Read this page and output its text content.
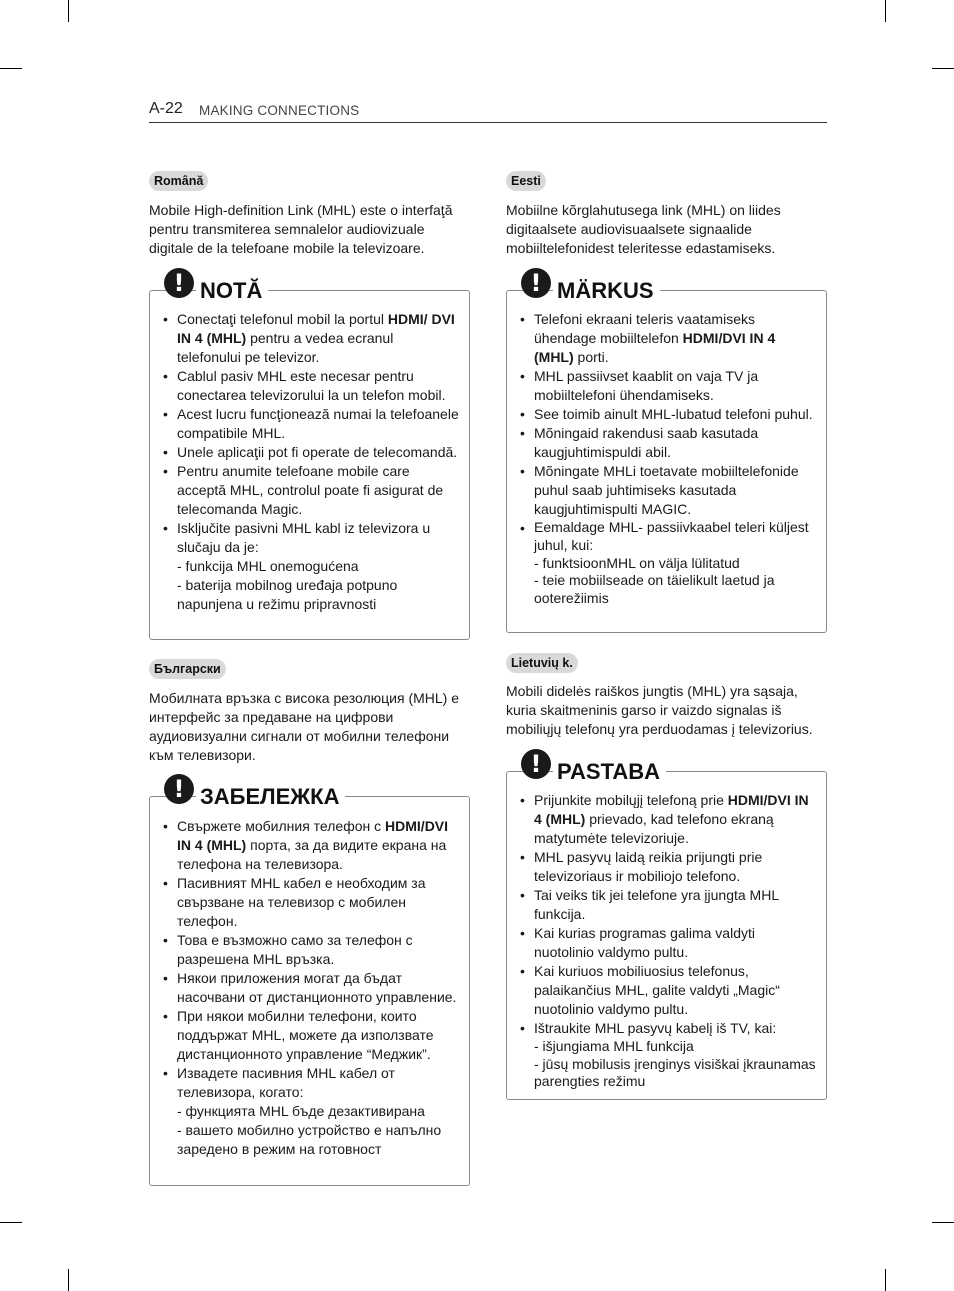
A-22 MAKING CONNECTIONS
Română

Mobile High-definition Link (MHL) este o interfaţă pentru transmiterea semnalelor audiovizuale digitale de la telefoane mobile la televizoare.

! NOTĂ
• Conectaţi telefonul mobil la portul HDMI/ DVI IN 4 (MHL) pentru a vedea ecranul telefonului pe televizor.
• Cablul pasiv MHL este necesar pentru conectarea televizorului la un telefon mobil.
• Acest lucru funcţionează numai la telefoanele compatibile MHL.
• Unele aplicaţii pot fi operate de telecomandă.
• Pentru anumite telefoane mobile care acceptă MHL, controlul poate fi asigurat de telecomanda Magic.
• Isključite pasivni MHL kabl iz televizora u slučaju da je:
- funkcija MHL onemogućena
- baterija mobilnog uređaja potpuno napunjena u režimu pripravnosti
Български

Мобилната връзка с висока резолюция (MHL) е интерфейс за предаване на цифрови аудиовизуални сигнали от мобилни телефони към телевизори.

! ЗАБЕЛЕЖКА
• Свържете мобилния телефон с HDMI/DVI IN 4 (MHL) порта, за да видите екрана на телефона на телевизора.
• Пасивният MHL кабел е необходим за свързване на телевизор с мобилен телефон.
• Това е възможно само за телефон с разрешена MHL връзка.
• Някои приложения могат да бъдат насочвани от дистанционното управление.
• При някои мобилни телефони, които поддържат MHL, можете да използвате дистанционното управление “Меджик”.
• Извадете пасивния MHL кабел от телевизора, когато:
- функцията MHL бъде дезактивирана
- вашето мобилно устройство е напълно заредено в режим на готовност
Eesti

Mobiilne kõrglahutusega link (MHL) on liides digitaalsete audiovisuaalsete signaalide mobiiltelefonidest teleritesse edastamiseks.

! MÄRKUS
• Telefoni ekraani teleris vaatamiseks ühendage mobiiltelefon HDMI/DVI IN 4 (MHL) porti.
• MHL passiivset kaablit on vaja TV ja mobiiltelefoni ühendamiseks.
• See toimib ainult MHL-lubatud telefoni puhul.
• Mõningaid rakendusi saab kasutada kaugjuhtimispuldi abil.
• Mõningate MHLi toetavate mobiiltelefonide puhul saab juhtimiseks kasutada kaugjuhtimispulti MAGIC.
• Eemaldage MHL- passiivkaabel teleri küljest juhul, kui:
- funktsioonMHL on välja lülitatud
- teie mobiilseade on täielikult laetud ja ooterežiimis
Lietuvių k.

Mobili didelės raiškos jungtis (MHL) yra sąsaja, kuria skaitmeninis garso ir vaizdo signalas iš mobiliųjų telefonų yra perduodamas į televizorius.

! PASTABA
• Prijunkite mobilųjį telefoną prie HDMI/DVI IN 4 (MHL) prievado, kad telefono ekraną matytumėte televizoriuje.
• MHL pasyvų laidą reikia prijungti prie televizoriaus ir mobiliojo telefono.
• Tai veiks tik jei telefone yra įjungta MHL funkcija.
• Kai kurias programas galima valdyti nuotolinio valdymo pultu.
• Kai kuriuos mobiliuosius telefonus, palaikančius MHL, galite valdyti „Magic“ nuotolinio valdymo pultu.
• Ištraukite MHL pasyvų kabelį iš TV, kai:
- išjungiama MHL funkcija
- jūsų mobilusis įrenginys visiškai įkraunamas parengties režimu
